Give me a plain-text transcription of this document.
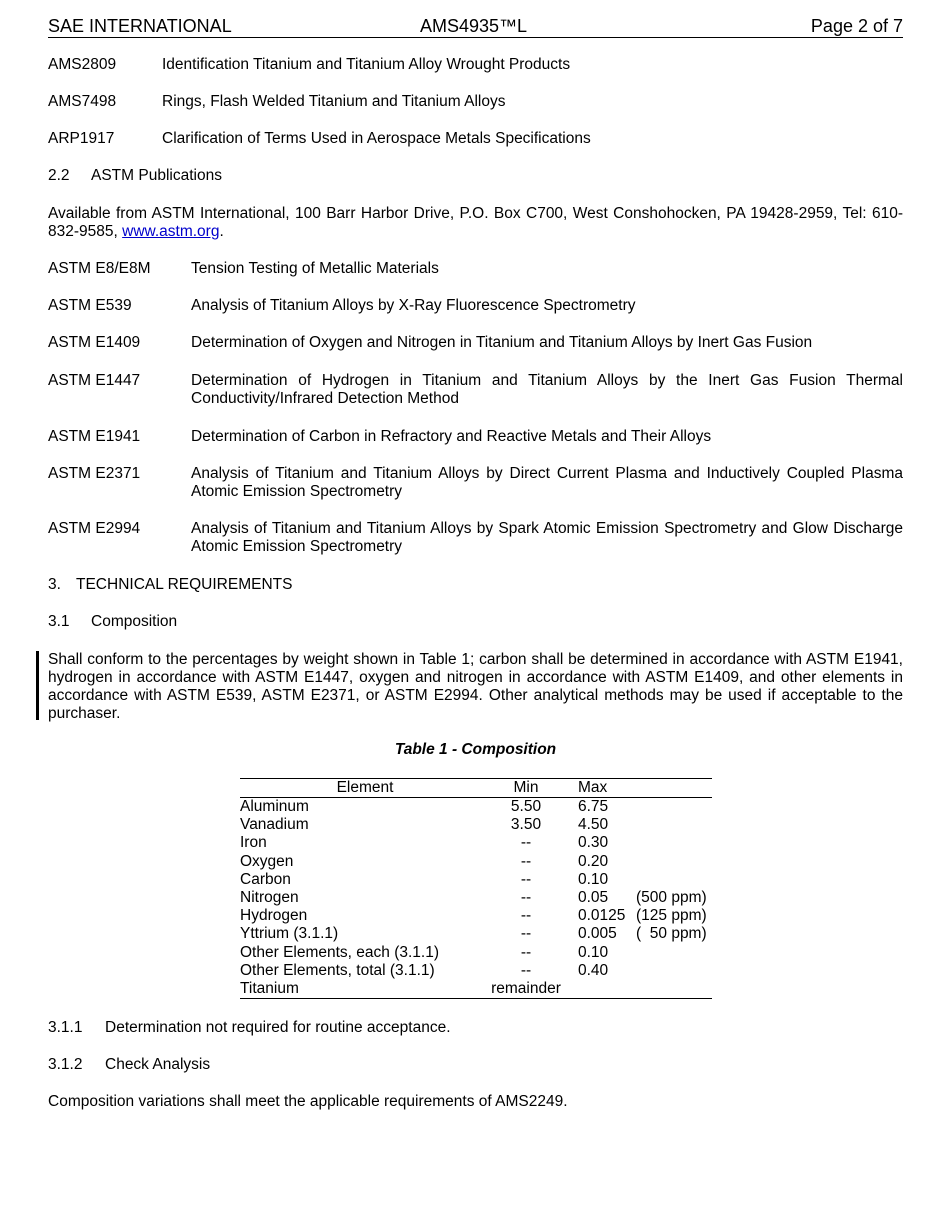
SAE INTERNATIONAL	AMS4935™L	Page 2 of 7
AMS2809	Identification Titanium and Titanium Alloy Wrought Products
AMS7498	Rings, Flash Welded Titanium and Titanium Alloys
ARP1917	Clarification of Terms Used in Aerospace Metals Specifications
2.2 ASTM Publications
Available from ASTM International, 100 Barr Harbor Drive, P.O. Box C700, West Conshohocken, PA 19428-2959, Tel: 610-832-9585, www.astm.org.
ASTM E8/E8M	Tension Testing of Metallic Materials
ASTM E539	Analysis of Titanium Alloys by X-Ray Fluorescence Spectrometry
ASTM E1409	Determination of Oxygen and Nitrogen in Titanium and Titanium Alloys by Inert Gas Fusion
ASTM E1447	Determination of Hydrogen in Titanium and Titanium Alloys by the Inert Gas Fusion Thermal Conductivity/Infrared Detection Method
ASTM E1941	Determination of Carbon in Refractory and Reactive Metals and Their Alloys
ASTM E2371	Analysis of Titanium and Titanium Alloys by Direct Current Plasma and Inductively Coupled Plasma Atomic Emission Spectrometry
ASTM E2994	Analysis of Titanium and Titanium Alloys by Spark Atomic Emission Spectrometry and Glow Discharge Atomic Emission Spectrometry
3. TECHNICAL REQUIREMENTS
3.1 Composition
Shall conform to the percentages by weight shown in Table 1; carbon shall be determined in accordance with ASTM E1941, hydrogen in accordance with ASTM E1447, oxygen and nitrogen in accordance with ASTM E1409, and other elements in accordance with ASTM E539, ASTM E2371, or ASTM E2994. Other analytical methods may be used if acceptable to the purchaser.
Table 1 - Composition
Element	Min	Max
Aluminum	5.50	6.75
Vanadium	3.50	4.50
Iron	--	0.30
Oxygen	--	0.20
Carbon	--	0.10
Nitrogen	--	0.05 (500 ppm)
Hydrogen	--	0.0125 (125 ppm)
Yttrium (3.1.1)	--	0.005 (  50 ppm)
Other Elements, each (3.1.1)	--	0.10
Other Elements, total (3.1.1)	--	0.40
Titanium	remainder
3.1.1 Determination not required for routine acceptance.
3.1.2 Check Analysis
Composition variations shall meet the applicable requirements of AMS2249.
